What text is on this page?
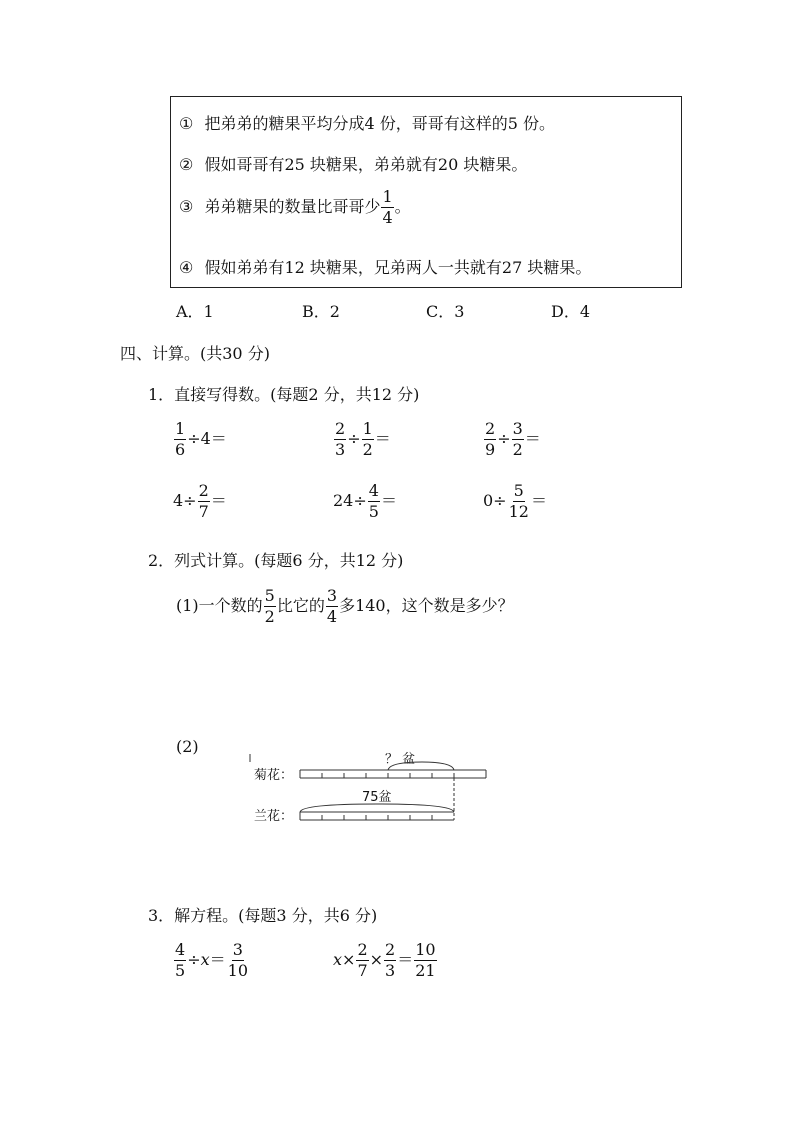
① 把弟弟的糖果平均分成4 份，哥哥有这样的5 份。
② 假如哥哥有25 块糖果，弟弟就有20 块糖果。
③ 弟弟糖果的数量比哥哥少 $\frac{1}{4}$ 。
④ 假如弟弟有12 块糖果，兄弟两人一共就有27 块糖果。
A．1	B．2	C．3	D．4
四、计算。(共30 分)
1．直接写得数。(每题2 分，共12 分)
$\frac{1}{6} \div 4=$	$\frac{2}{3} \div \frac{1}{2}$ ＝	$\frac{2}{9} \div \frac{3}{2}$ ＝
$4\div \frac{2}{7}$ ＝	$24\div \frac{4}{5}$ ＝	$0\div \frac{5}{12}$ ＝
2．列式计算。(每题6 分，共12 分)
(1)一个数的 $\frac{5}{2}$ 比它的 $\frac{3}{4}$ 多140，这个数是多少？
(2)
菊花：
？ 盆
75盆
兰花：
3．解方程。(每题3 分，共6 分)
$\frac{4}{5} \div x= \frac{3}{10}$	$x\times \frac{2}{7} \times \frac{2}{3} = \frac{10}{21}$
